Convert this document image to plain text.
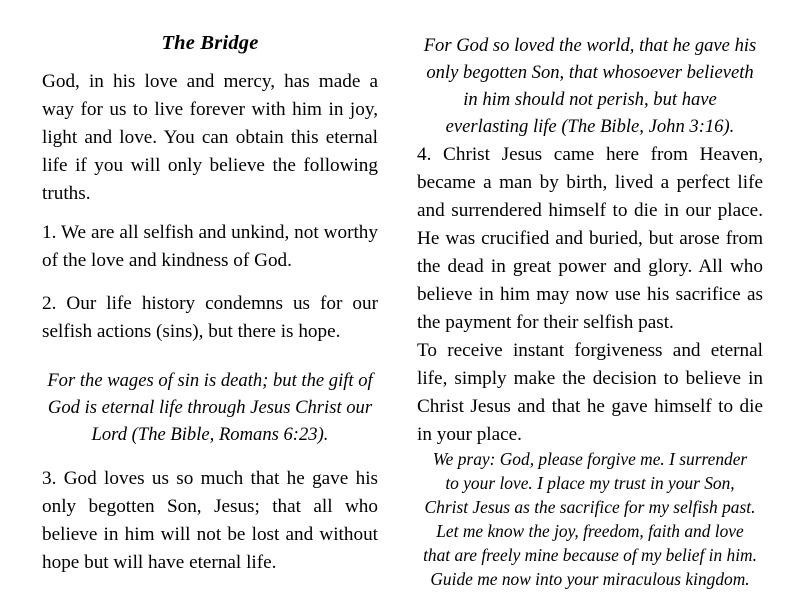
The Bridge

God, in his love and mercy, has made a way for us to live forever with him in joy, light and love. You can obtain this eternal life if you will only believe the following truths.

1. We are all selfish and unkind, not worthy of the love and kindness of God.

2. Our life history condemns us for our selfish actions (sins), but there is hope.

For the wages of sin is death; but the gift of
God is eternal life through Jesus Christ our
Lord (The Bible, Romans 6:23).

3. God loves us so much that he gave his only begotten Son, Jesus; that all who believe in him will not be lost and without hope but will have eternal life.

For God so loved the world, that he gave his
only begotten Son, that whosoever believeth
in him should not perish, but have
everlasting life (The Bible, John 3:16).

4. Christ Jesus came here from Heaven, became a man by birth, lived a perfect life and surrendered himself to die in our place. He was crucified and buried, but arose from the dead in great power and glory. All who believe in him may now use his sacrifice as the payment for their selfish past.

To receive instant forgiveness and eternal life, simply make the decision to believe in Christ Jesus and that he gave himself to die in your place.

We pray: God, please forgive me. I surrender
to your love. I place my trust in your Son,
Christ Jesus as the sacrifice for my selfish past.
Let me know the joy, freedom, faith and love
that are freely mine because of my belief in him.
Guide me now into your miraculous kingdom.
